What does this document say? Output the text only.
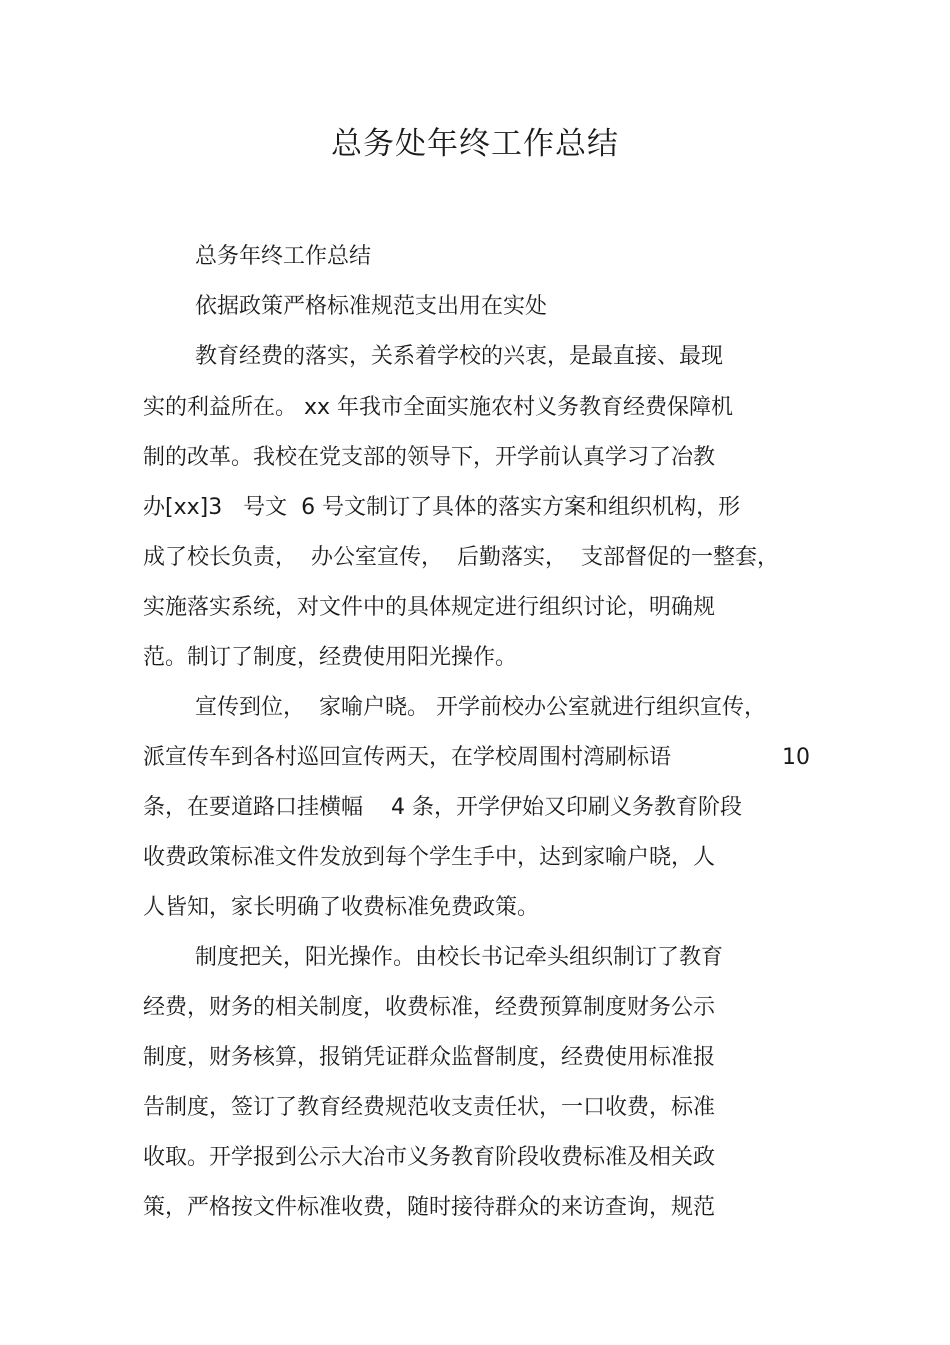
总务处年终工作总结

总务年终工作总结

依据政策严格标准规范支出用在实处

教育经费的落实，关系着学校的兴衷，是最直接、最现

实的利益所在。 xx 年我市全面实施农村义务教育经费保障机

制的改革。我校在党支部的领导下，开学前认真学习了冶教

办[xx]3   号文  6 号文制订了具体的落实方案和组织机构，形

成了校长负责，  办公室宣传，  后勤落实，  支部督促的一整套，

实施落实系统，对文件中的具体规定进行组织讨论，明确规

范。制订了制度，经费使用阳光操作。

宣传到位，  家喻户晓。 开学前校办公室就进行组织宣传，

派宣传车到各村巡回宣传两天，在学校周围村湾刷标语	10

条，在要道路口挂横幅    4 条，开学伊始又印刷义务教育阶段

收费政策标准文件发放到每个学生手中，达到家喻户晓，人

人皆知，家长明确了收费标准免费政策。

制度把关，阳光操作。由校长书记牵头组织制订了教育

经费，财务的相关制度，收费标准，经费预算制度财务公示

制度，财务核算，报销凭证群众监督制度，经费使用标准报

告制度，签订了教育经费规范收支责任状，一口收费，标准

收取。开学报到公示大冶市义务教育阶段收费标准及相关政

策，严格按文件标准收费，随时接待群众的来访查询，规范
